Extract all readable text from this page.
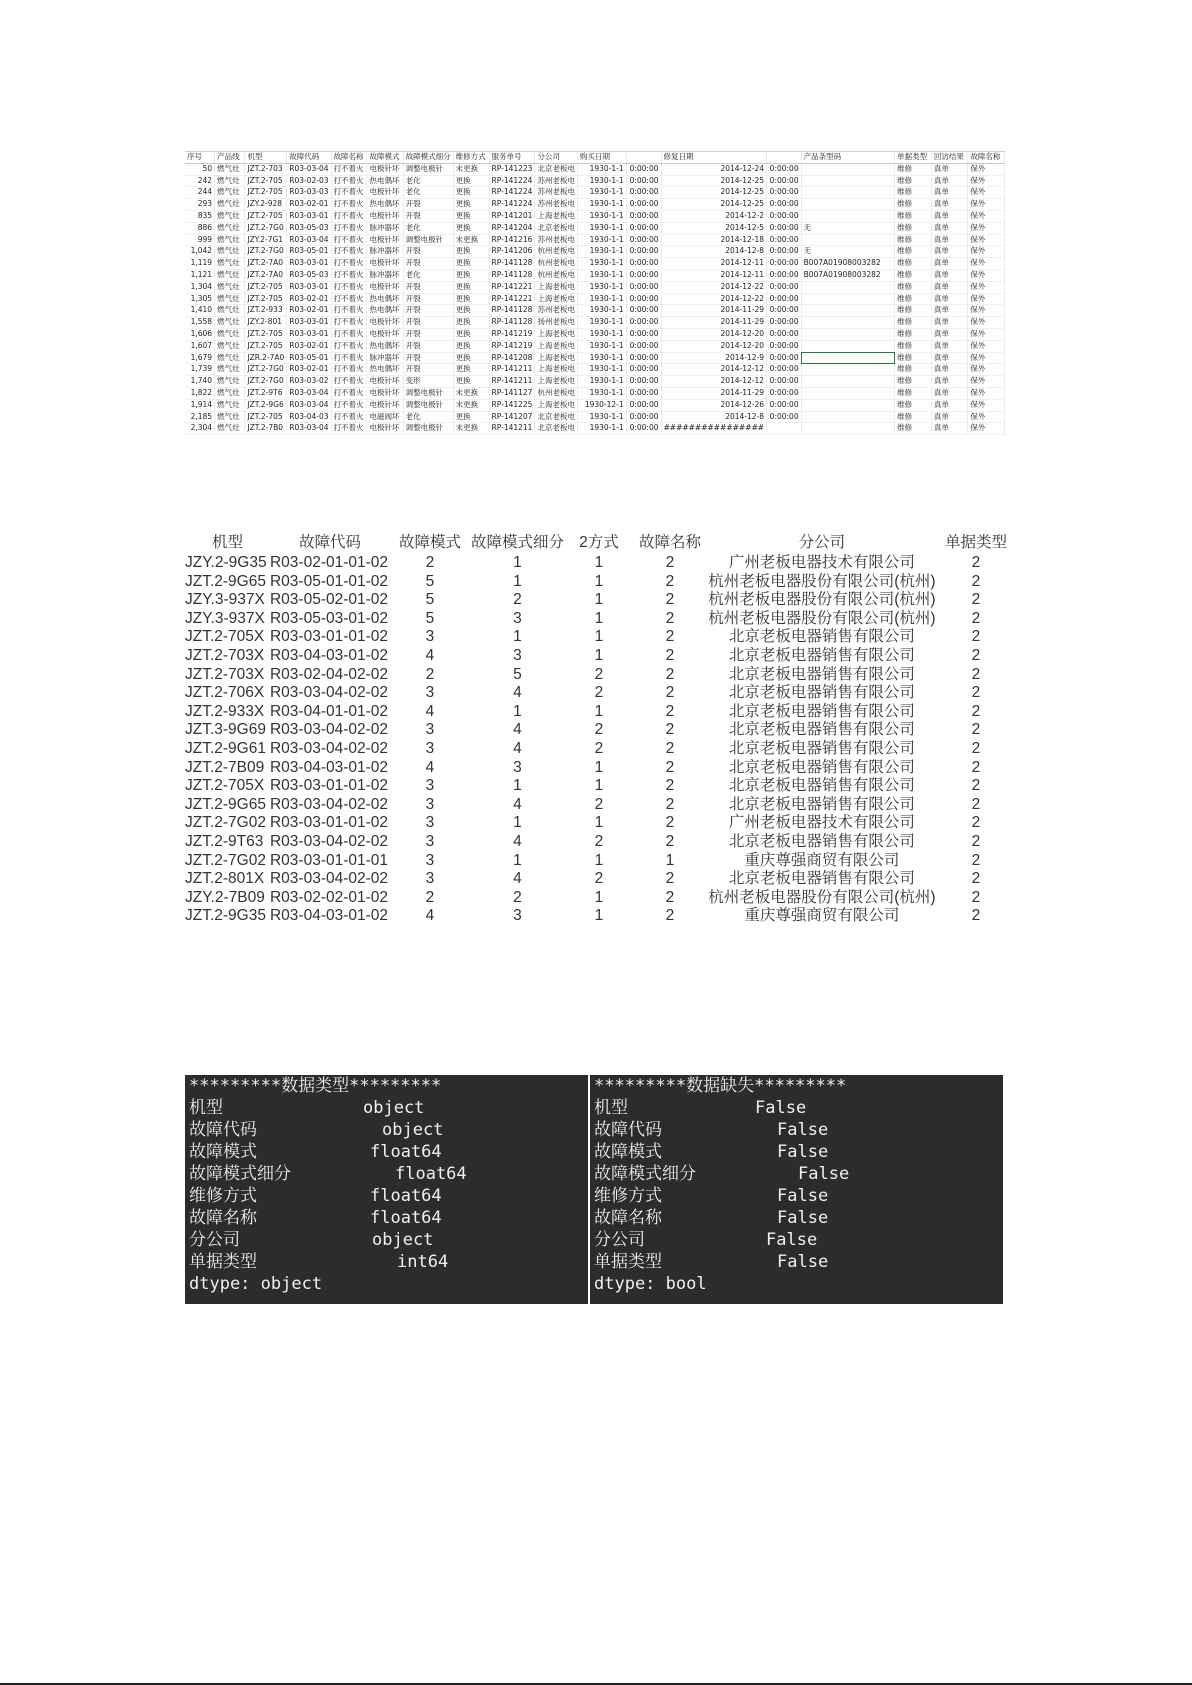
序号	产品线	机型	故障代码	故障名称	故障模式	故障模式细分	维修方式	服务单号	分公司	购买日期		修复日期		产品条型码	单据类型	回访结果	故障名称
50	燃气灶	JZT.2-703	R03-03-04	打不着火	电极针坏	调整电极针	未更换	RP-141223	北京老板电	1930-1-1	0:00:00	2014-12-24	0:00:00		维修	真单	保外
242	燃气灶	JZT.2-705	R03-02-03	打不着火	热电偶坏	老化	更换	RP-141224	苏州老板电	1930-1-1	0:00:00	2014-12-25	0:00:00		维修	真单	保外
244	燃气灶	JZT.2-705	R03-03-03	打不着火	电极针坏	老化	更换	RP-141224	苏州老板电	1930-1-1	0:00:00	2014-12-25	0:00:00		维修	真单	保外
293	燃气灶	JZY.2-928	R03-02-01	打不着火	热电偶坏	开裂	更换	RP-141224	苏州老板电	1930-1-1	0:00:00	2014-12-25	0:00:00		维修	真单	保外
835	燃气灶	JZT.2-705	R03-03-01	打不着火	电极针坏	开裂	更换	RP-141201	上海老板电	1930-1-1	0:00:00	2014-12-2	0:00:00		维修	真单	保外
886	燃气灶	JZT.2-7G0	R03-05-03	打不着火	脉冲器坏	老化	更换	RP-141204	北京老板电	1930-1-1	0:00:00	2014-12-5	0:00:00	无	维修	真单	保外
999	燃气灶	JZY.2-7G1	R03-03-04	打不着火	电极针坏	调整电极针	未更换	RP-141216	苏州老板电	1930-1-1	0:00:00	2014-12-18	0:00:00		维修	真单	保外
1,042	燃气灶	JZT.2-7G0	R03-05-01	打不着火	脉冲器坏	开裂	更换	RP-141206	杭州老板电	1930-1-1	0:00:00	2014-12-8	0:00:00	无	维修	真单	保外
1,119	燃气灶	JZT.2-7A0	R03-03-01	打不着火	电极针坏	开裂	更换	RP-141128	杭州老板电	1930-1-1	0:00:00	2014-12-11	0:00:00	B007A01908003282	维修	真单	保外
1,121	燃气灶	JZT.2-7A0	R03-05-03	打不着火	脉冲器坏	老化	更换	RP-141128	杭州老板电	1930-1-1	0:00:00	2014-12-11	0:00:00	B007A01908003282	维修	真单	保外
1,304	燃气灶	JZT.2-705	R03-03-01	打不着火	电极针坏	开裂	更换	RP-141221	上海老板电	1930-1-1	0:00:00	2014-12-22	0:00:00		维修	真单	保外
1,305	燃气灶	JZT.2-705	R03-02-01	打不着火	热电偶坏	开裂	更换	RP-141221	上海老板电	1930-1-1	0:00:00	2014-12-22	0:00:00		维修	真单	保外
1,410	燃气灶	JZT.2-933	R03-02-01	打不着火	热电偶坏	开裂	更换	RP-141128	苏州老板电	1930-1-1	0:00:00	2014-11-29	0:00:00		维修	真单	保外
1,558	燃气灶	JZY.2-801	R03-03-01	打不着火	电极针坏	开裂	更换	RP-141128	扬州老板电	1930-1-1	0:00:00	2014-11-29	0:00:00		维修	真单	保外
1,606	燃气灶	JZT.2-705	R03-03-01	打不着火	电极针坏	开裂	更换	RP-141219	上海老板电	1930-1-1	0:00:00	2014-12-20	0:00:00		维修	真单	保外
1,607	燃气灶	JZT.2-705	R03-02-01	打不着火	热电偶坏	开裂	更换	RP-141219	上海老板电	1930-1-1	0:00:00	2014-12-20	0:00:00		维修	真单	保外
1,679	燃气灶	JZR.2-7A0	R03-05-01	打不着火	脉冲器坏	开裂	更换	RP-141208	上海老板电	1930-1-1	0:00:00	2014-12-9	0:00:00		维修	真单	保外
1,739	燃气灶	JZT.2-7G0	R03-02-01	打不着火	热电偶坏	开裂	更换	RP-141211	上海老板电	1930-1-1	0:00:00	2014-12-12	0:00:00		维修	真单	保外
1,740	燃气灶	JZT.2-7G0	R03-03-02	打不着火	电极针坏	变形	更换	RP-141211	上海老板电	1930-1-1	0:00:00	2014-12-12	0:00:00		维修	真单	保外
1,822	燃气灶	JZT.2-9T6	R03-03-04	打不着火	电极针坏	调整电极针	未更换	RP-141127	杭州老板电	1930-1-1	0:00:00	2014-11-29	0:00:00		维修	真单	保外
1,914	燃气灶	JZT.2-9G6	R03-03-04	打不着火	电极针坏	调整电极针	未更换	RP-141225	上海老板电	1930-12-1	0:00:00	2014-12-26	0:00:00		维修	真单	保外
2,185	燃气灶	JZT.2-705	R03-04-03	打不着火	电磁阀坏	老化	更换	RP-141207	北京老板电	1930-1-1	0:00:00	2014-12-8	0:00:00		维修	真单	保外
2,304	燃气灶	JZT.2-7B0	R03-03-04	打不着火	电极针坏	调整电极针	未更换	RP-141211	北京老板电	1930-1-1	0:00:00	################			维修	真单	保外
机型	故障代码	故障模式	故障模式细分	2方式	故障名称	分公司	单据类型
JZY.2-9G35	R03-02-01-01-02	2	1	1	2	广州老板电器技术有限公司	2
JZT.2-9G65	R03-05-01-01-02	5	1	1	2	杭州老板电器股份有限公司(杭州)	2
JZY.3-937X	R03-05-02-01-02	5	2	1	2	杭州老板电器股份有限公司(杭州)	2
JZY.3-937X	R03-05-03-01-02	5	3	1	2	杭州老板电器股份有限公司(杭州)	2
JZT.2-705X	R03-03-01-01-02	3	1	1	2	北京老板电器销售有限公司	2
JZT.2-703X	R03-04-03-01-02	4	3	1	2	北京老板电器销售有限公司	2
JZT.2-703X	R03-02-04-02-02	2	5	2	2	北京老板电器销售有限公司	2
JZT.2-706X	R03-03-04-02-02	3	4	2	2	北京老板电器销售有限公司	2
JZT.2-933X	R03-04-01-01-02	4	1	1	2	北京老板电器销售有限公司	2
JZT.3-9G69	R03-03-04-02-02	3	4	2	2	北京老板电器销售有限公司	2
JZT.2-9G61	R03-03-04-02-02	3	4	2	2	北京老板电器销售有限公司	2
JZT.2-7B09	R03-04-03-01-02	4	3	1	2	北京老板电器销售有限公司	2
JZT.2-705X	R03-03-01-01-02	3	1	1	2	北京老板电器销售有限公司	2
JZT.2-9G65	R03-03-04-02-02	3	4	2	2	北京老板电器销售有限公司	2
JZT.2-7G02	R03-03-01-01-02	3	1	1	2	广州老板电器技术有限公司	2
JZT.2-9T63	R03-03-04-02-02	3	4	2	2	北京老板电器销售有限公司	2
JZT.2-7G02	R03-03-01-01-01	3	1	1	1	重庆尊强商贸有限公司	2
JZT.2-801X	R03-03-04-02-02	3	4	2	2	北京老板电器销售有限公司	2
JZY.2-7B09	R03-02-02-01-02	2	2	1	2	杭州老板电器股份有限公司(杭州)	2
JZT.2-9G35	R03-04-03-01-02	4	3	1	2	重庆尊强商贸有限公司	2
*********数据类型*********
机型	object
故障代码	object
故障模式	float64
故障模式细分	float64
维修方式	float64
故障名称	float64
分公司	object
单据类型	int64
dtype: object
*********数据缺失*********
机型	False
故障代码	False
故障模式	False
故障模式细分	False
维修方式	False
故障名称	False
分公司	False
单据类型	False
dtype: bool
